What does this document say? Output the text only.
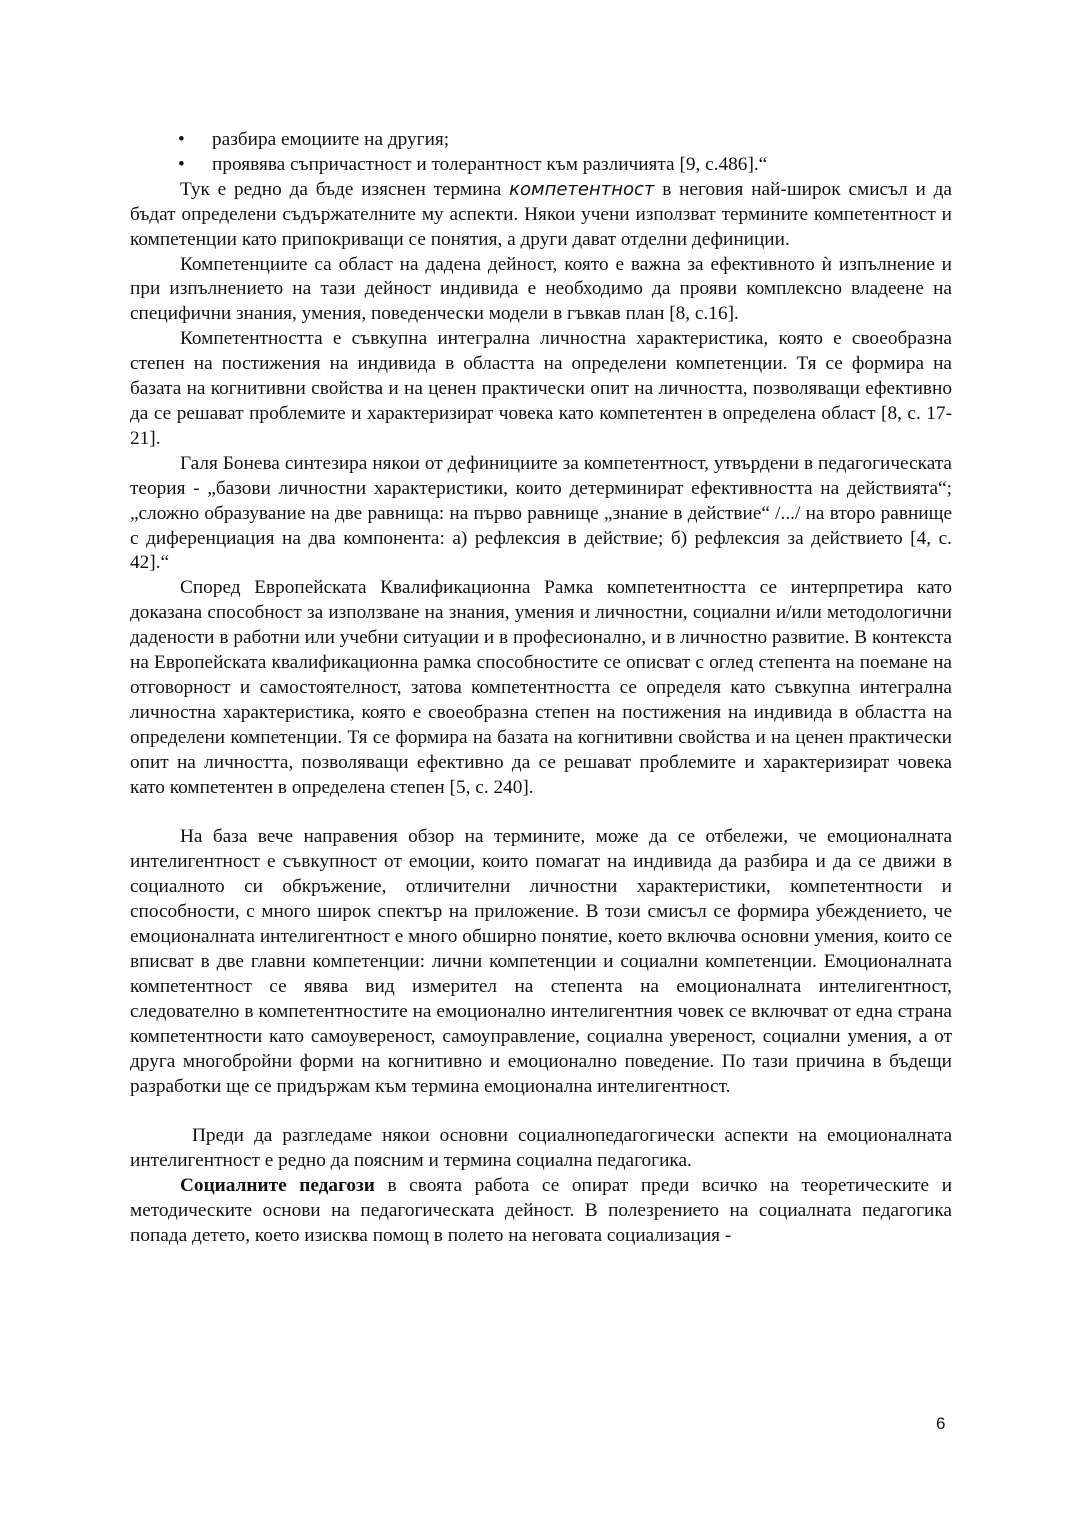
• разбира емоциите на другия;
• проявява съпричастност и толерантност към различията [9, с.486].“

Тук е редно да бъде изяснен термина компетентност в неговия най-широк смисъл и да бъдат определени съдържателните му аспекти. Някои учени използват термините компетентност и компетенции като припокриващи се понятия, а други дават отделни дефиниции.

Компетенциите са област на дадена дейност, която е важна за ефективното ѝ изпълнение и при изпълнението на тази дейност индивида е необходимо да прояви комплексно владеене на специфични знания, умения, поведенчески модели в гъвкав план [8, с.16].

Компетентността е съвкупна интегрална личностна характеристика, която е своеобразна степен на постижения на индивида в областта на определени компетенции. Тя се формира на базата на когнитивни свойства и на ценен практически опит на личността, позволяващи ефективно да се решават проблемите и характеризират човека като компетентен в определена област [8, с. 17-21].

Галя Бонева синтезира някои от дефинициите за компетентност, утвърдени в педагогическата теория - „базови личностни характеристики, които детерминират ефективността на действията“; „сложно образувание на две равнища: на първо равнище „знание в действие“ /.../ на второ равнище с диференциация на два компонента: а) рефлексия в действие; б) рефлексия за действието [4, с. 42].“

Според Европейската Квалификационна Рамка компетентността се интерпретира като доказана способност за използване на знания, умения и личностни, социални и/или методологични дадености в работни или учебни ситуации и в професионално, и в личностно развитие. В контекста на Европейската квалификационна рамка способностите се описват с оглед степента на поемане на отговорност и самостоятелност, затова компетентността се определя като съвкупна интегрална личностна характеристика, която е своеобразна степен на постижения на индивида в областта на определени компетенции. Тя се формира на базата на когнитивни свойства и на ценен практически опит на личността, позволяващи ефективно да се решават проблемите и характеризират човека като компетентен в определена степен [5, с. 240].

На база вече направения обзор на термините, може да се отбележи, че емоционалната интелигентност е съвкупност от емоции, които помагат на индивида да разбира и да се движи в социалното си обкръжение, отличителни личностни характеристики, компетентности и способности, с много широк спектър на приложение. В този смисъл се формира убеждението, че емоционалната интелигентност е много обширно понятие, което включва основни умения, които се вписват в две главни компетенции: лични компетенции и социални компетенции. Емоционалната компетентност се явява вид измерител на степента на емоционалната интелигентност, следователно в компетентностите на емоционално интелигентния човек се включват от една страна компетентности като самоувереност, самоуправление, социална увереност, социални умения, а от друга многобройни форми на когнитивно и емоционално поведение. По тази причина в бъдещи разработки ще се придържам към термина емоционална интелигентност.

Преди да разгледаме някои основни социалнопедагогически аспекти на емоционалната интелигентност е редно да поясним и термина социална педагогика.

Социалните педагози в своята работа се опират преди всичко на теоретическите и методическите основи на педагогическата дейност. В полезрението на социалната педагогика попада детето, което изисква помощ в полето на неговата социализация -

6
